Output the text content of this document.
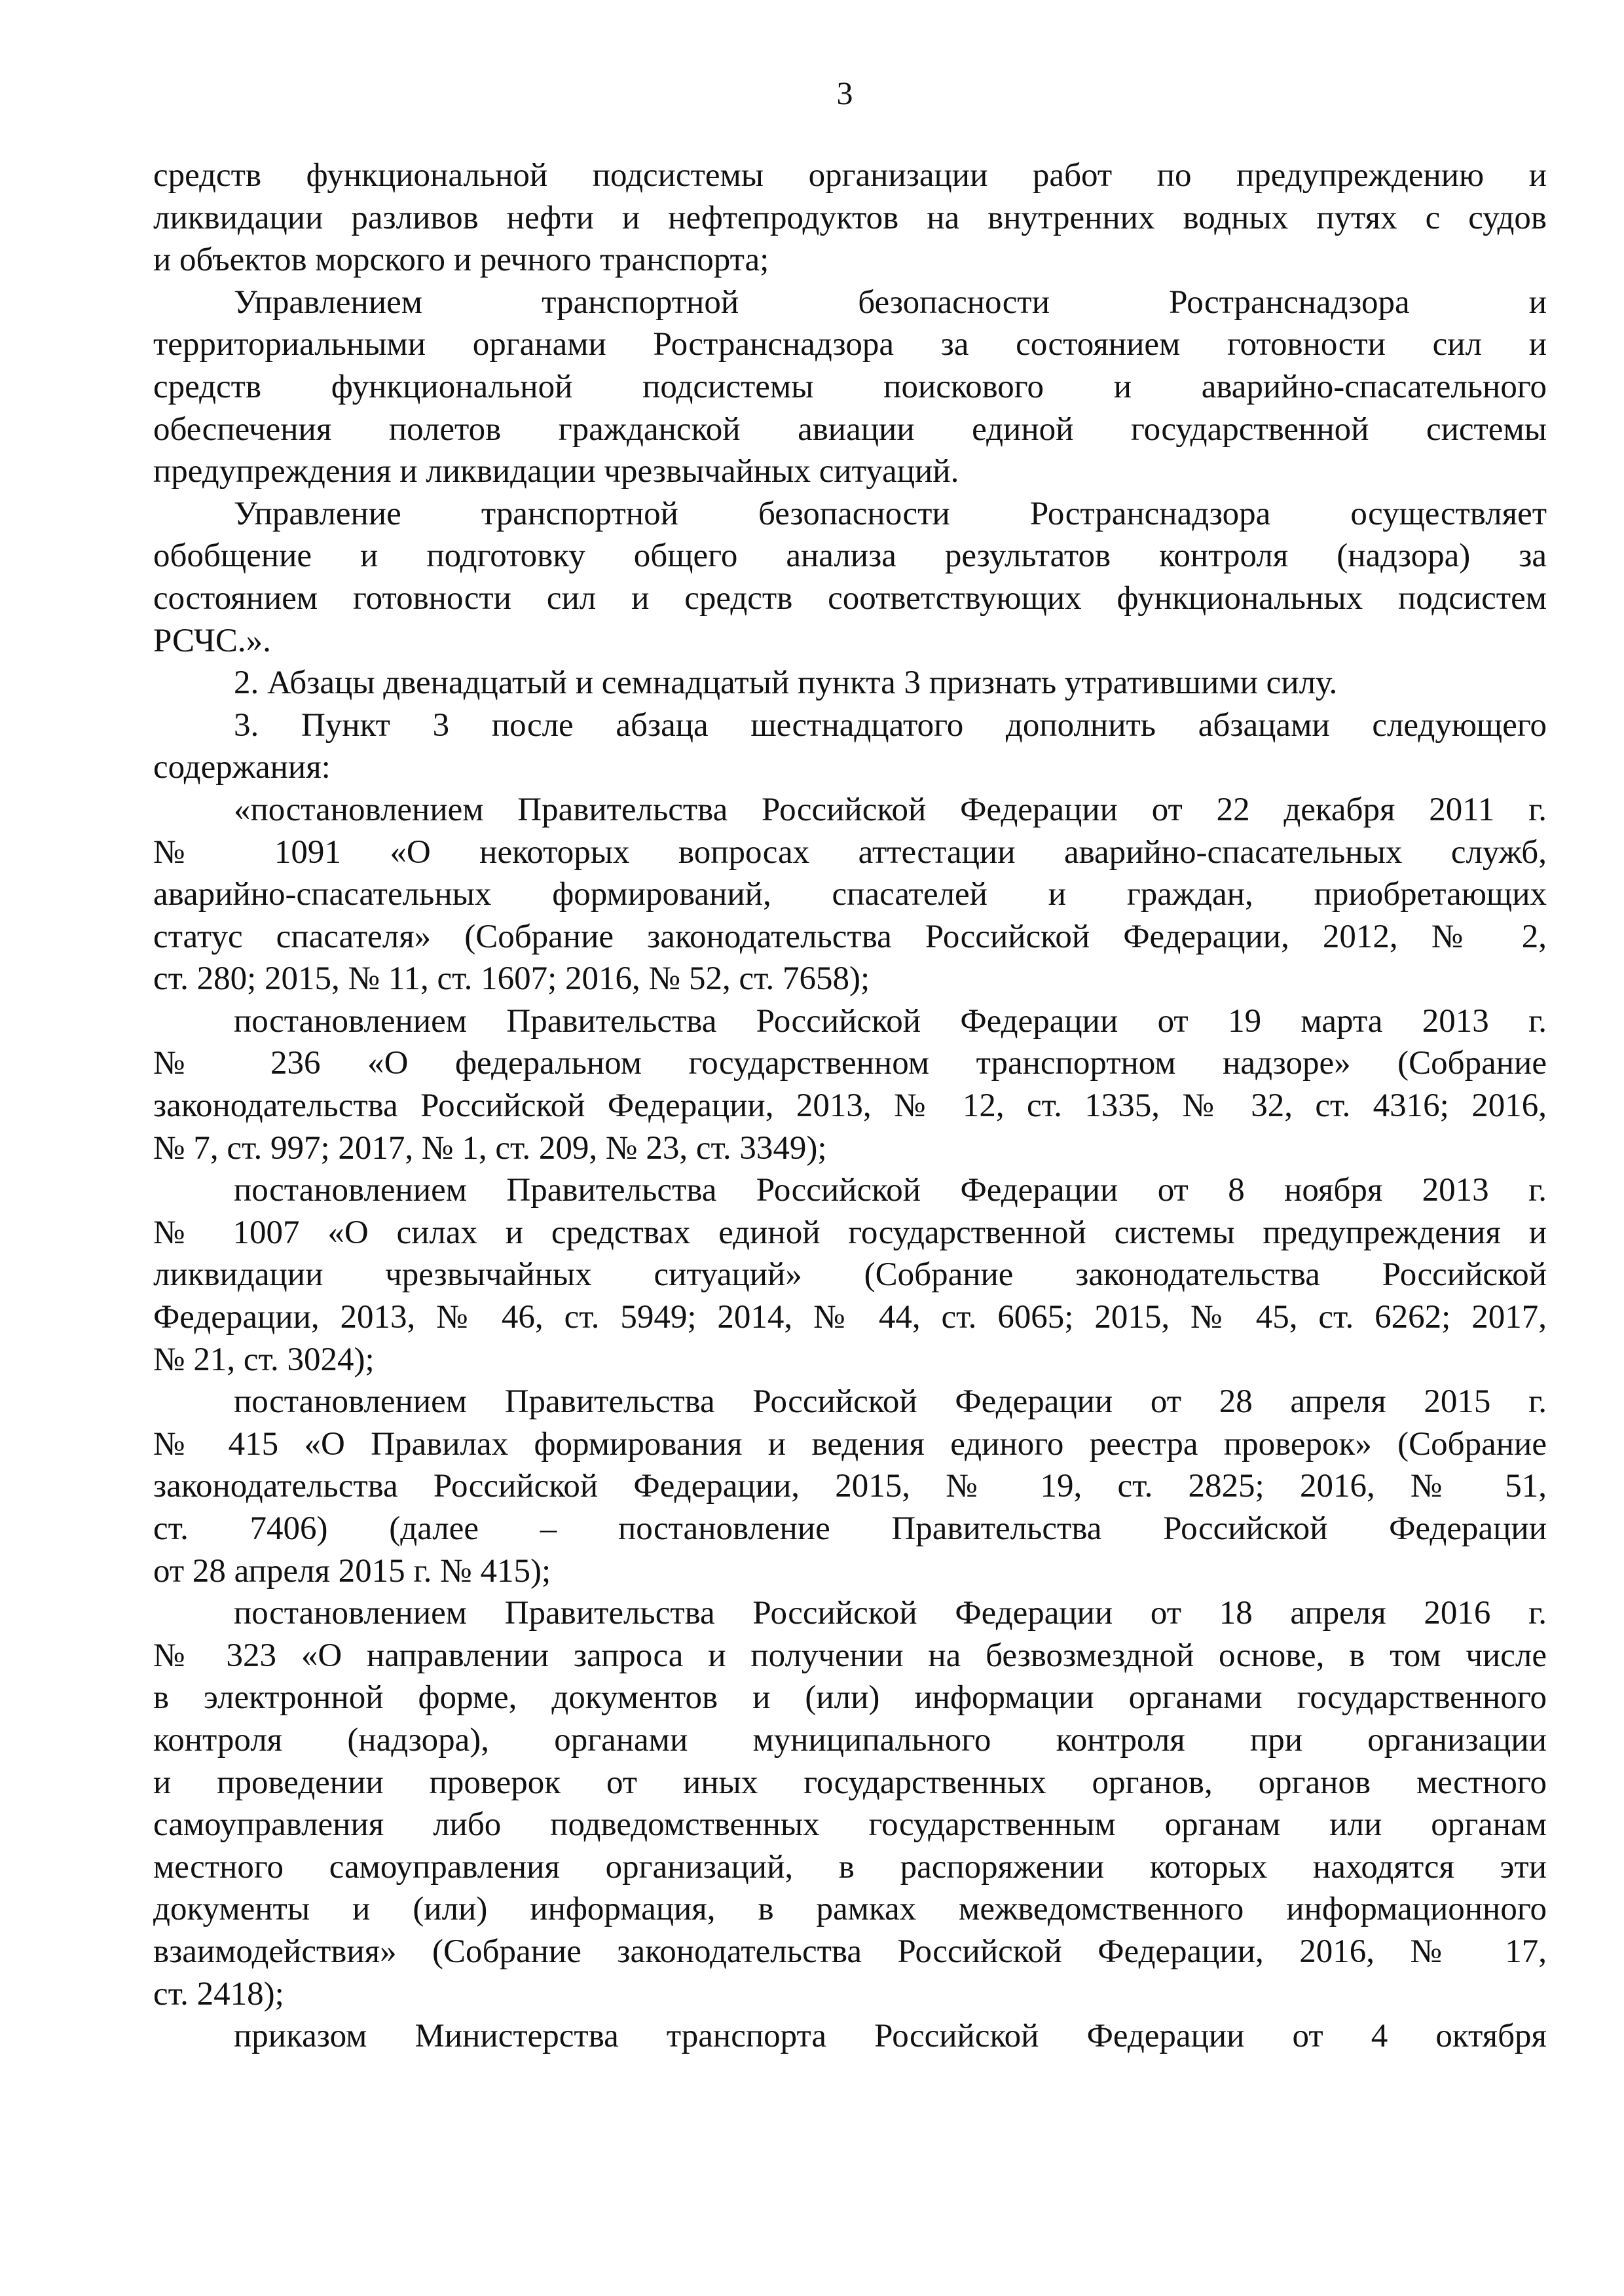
3
средств функциональной подсистемы организации работ по предупреждению и
ликвидации разливов нефти и нефтепродуктов на внутренних водных путях с судов
и объектов морского и речного транспорта;
Управлением транспортной безопасности Ространснадзора и
территориальными органами Ространснадзора за состоянием готовности сил и
средств функциональной подсистемы поискового и аварийно-спасательного
обеспечения полетов гражданской авиации единой государственной системы
предупреждения и ликвидации чрезвычайных ситуаций.
Управление транспортной безопасности Ространснадзора осуществляет
обобщение и подготовку общего анализа результатов контроля (надзора) за
состоянием готовности сил и средств соответствующих функциональных подсистем
РСЧС.».
2. Абзацы двенадцатый и семнадцатый пункта 3 признать утратившими силу.
3. Пункт 3 после абзаца шестнадцатого дополнить абзацами следующего
содержания:
«постановлением Правительства Российской Федерации от 22 декабря 2011 г.
№ 1091 «О некоторых вопросах аттестации аварийно-спасательных служб,
аварийно-спасательных формирований, спасателей и граждан, приобретающих
статус спасателя» (Собрание законодательства Российской Федерации, 2012, № 2,
ст. 280; 2015, № 11, ст. 1607; 2016, № 52, ст. 7658);
постановлением Правительства Российской Федерации от 19 марта 2013 г.
№ 236 «О федеральном государственном транспортном надзоре» (Собрание
законодательства Российской Федерации, 2013, № 12, ст. 1335, № 32, ст. 4316; 2016,
№ 7, ст. 997; 2017, № 1, ст. 209, № 23, ст. 3349);
постановлением Правительства Российской Федерации от 8 ноября 2013 г.
№ 1007 «О силах и средствах единой государственной системы предупреждения и
ликвидации чрезвычайных ситуаций» (Собрание законодательства Российской
Федерации, 2013, № 46, ст. 5949; 2014, № 44, ст. 6065; 2015, № 45, ст. 6262; 2017,
№ 21, ст. 3024);
постановлением Правительства Российской Федерации от 28 апреля 2015 г.
№ 415 «О Правилах формирования и ведения единого реестра проверок» (Собрание
законодательства Российской Федерации, 2015, № 19, ст. 2825; 2016, № 51,
ст. 7406) (далее – постановление Правительства Российской Федерации
от 28 апреля 2015 г. № 415);
постановлением Правительства Российской Федерации от 18 апреля 2016 г.
№ 323 «О направлении запроса и получении на безвозмездной основе, в том числе
в электронной форме, документов и (или) информации органами государственного
контроля (надзора), органами муниципального контроля при организации
и проведении проверок от иных государственных органов, органов местного
самоуправления либо подведомственных государственным органам или органам
местного самоуправления организаций, в распоряжении которых находятся эти
документы и (или) информация, в рамках межведомственного информационного
взаимодействия» (Собрание законодательства Российской Федерации, 2016, № 17,
ст. 2418);
приказом Министерства транспорта Российской Федерации от 4 октября
